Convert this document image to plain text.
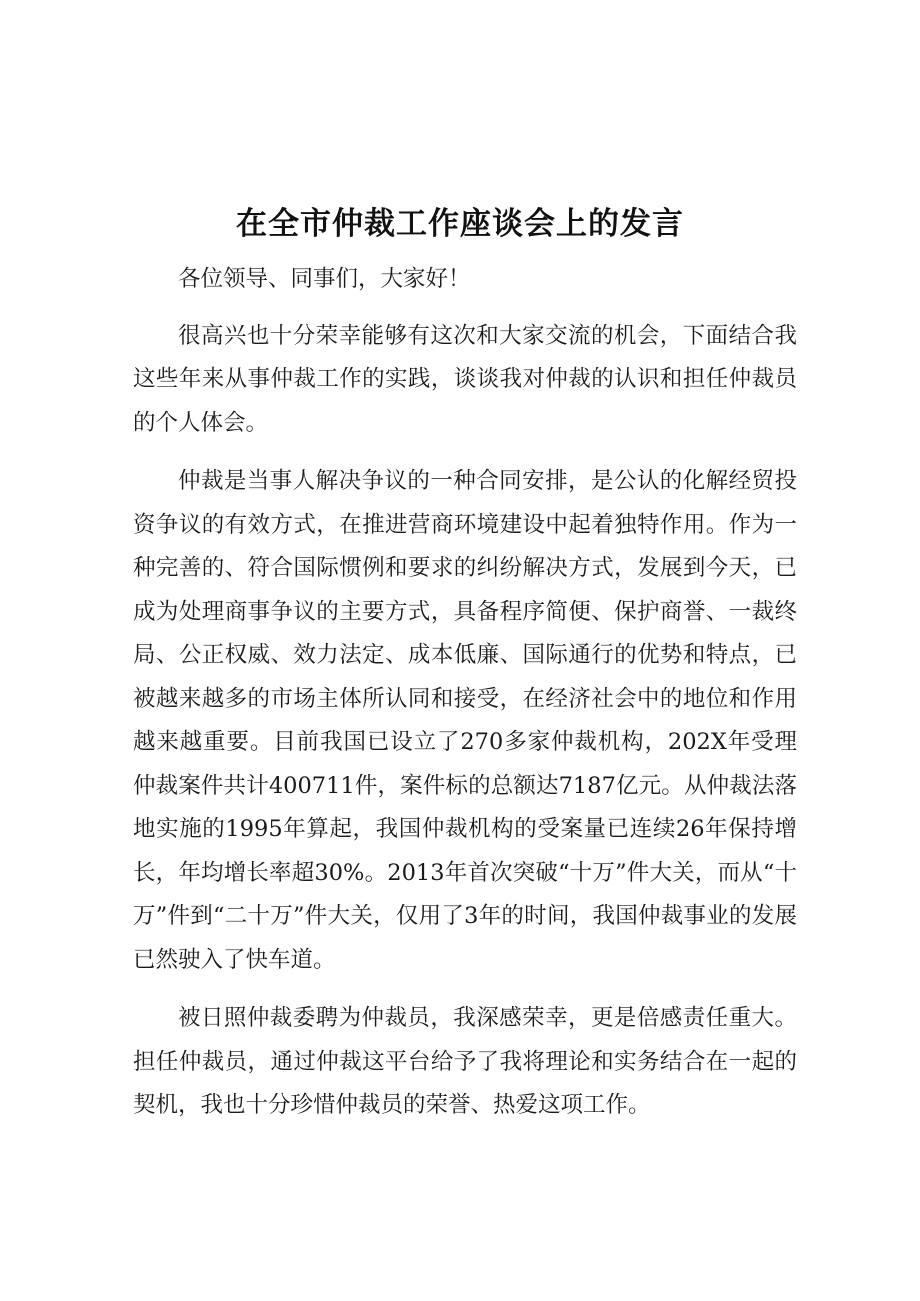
在全市仲裁工作座谈会上的发言

各位领导、同事们，大家好！

很高兴也十分荣幸能够有这次和大家交流的机会，下面结合我这些年来从事仲裁工作的实践，谈谈我对仲裁的认识和担任仲裁员的个人体会。

仲裁是当事人解决争议的一种合同安排，是公认的化解经贸投资争议的有效方式，在推进营商环境建设中起着独特作用。作为一种完善的、符合国际惯例和要求的纠纷解决方式，发展到今天，已成为处理商事争议的主要方式，具备程序简便、保护商誉、一裁终局、公正权威、效力法定、成本低廉、国际通行的优势和特点，已被越来越多的市场主体所认同和接受，在经济社会中的地位和作用越来越重要。目前我国已设立了270多家仲裁机构，202X年受理仲裁案件共计400711件，案件标的总额达7187亿元。从仲裁法落地实施的1995年算起，我国仲裁机构的受案量已连续26年保持增长，年均增长率超30%。2013年首次突破“十万”件大关，而从“十万”件到“二十万”件大关，仅用了3年的时间，我国仲裁事业的发展已然驶入了快车道。

被日照仲裁委聘为仲裁员，我深感荣幸，更是倍感责任重大。担任仲裁员，通过仲裁这平台给予了我将理论和实务结合在一起的契机，我也十分珍惜仲裁员的荣誉、热爱这项工作。
